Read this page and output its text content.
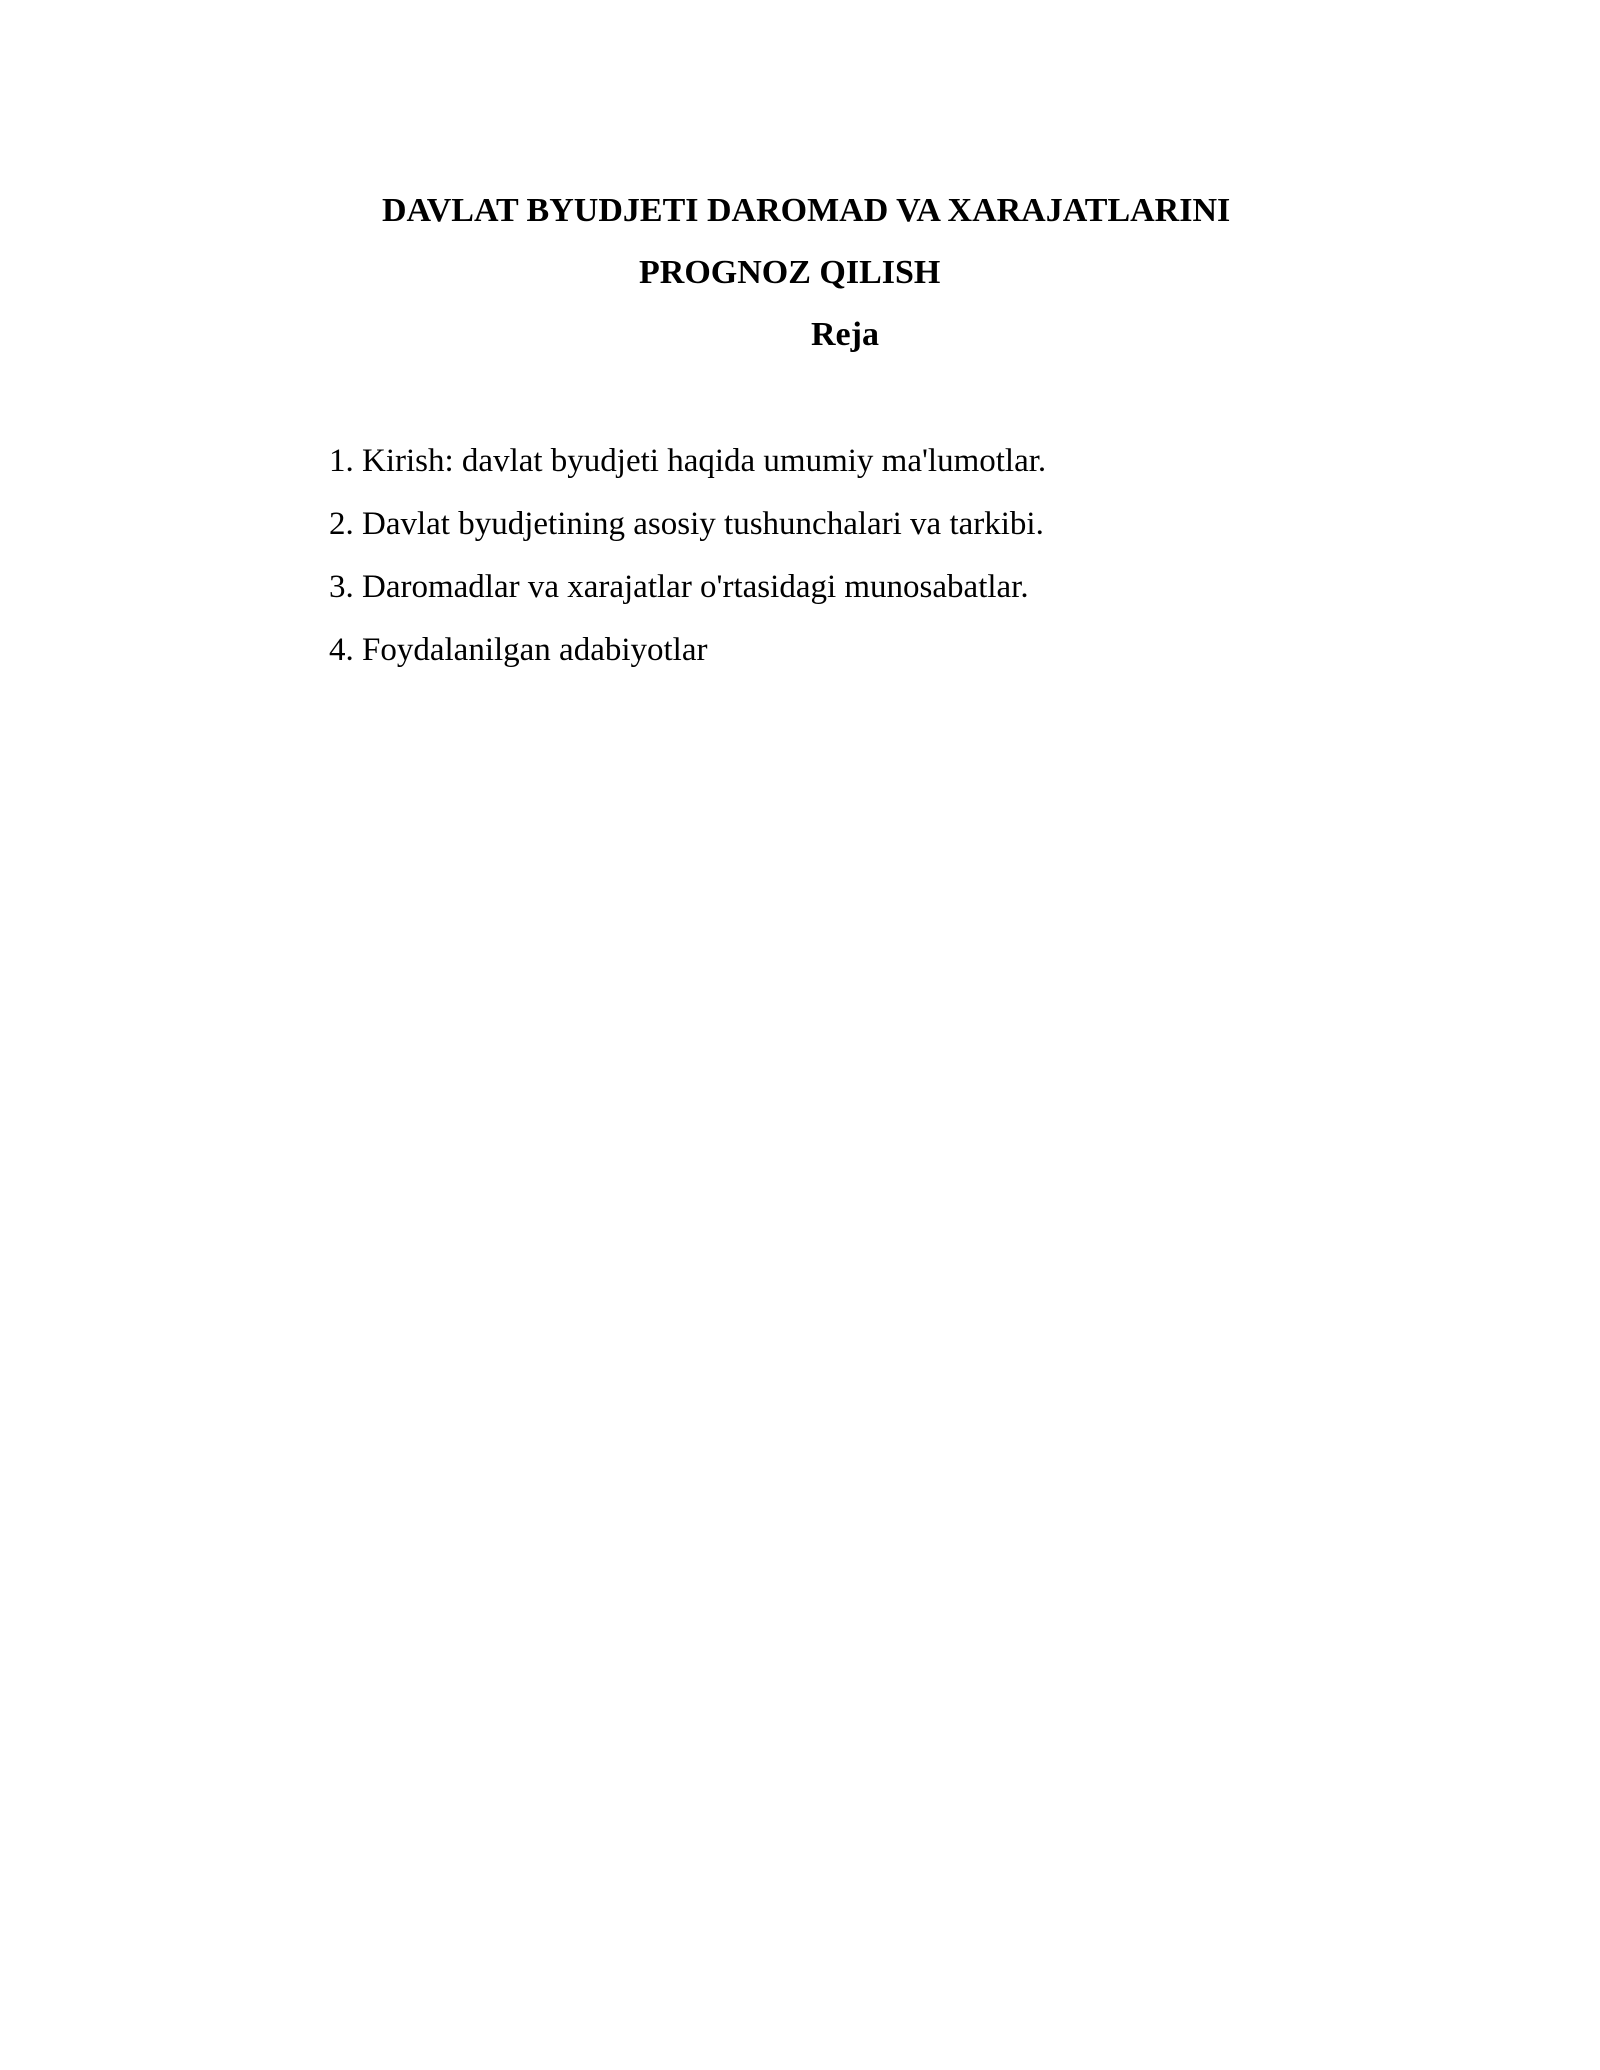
DAVLAT BYUDJETI DAROMAD VA XARAJATLARINI
PROGNOZ QILISH
Reja
1. Kirish: davlat byudjeti haqida umumiy ma'lumotlar.
2. Davlat byudjetining asosiy tushunchalari va tarkibi.
3. Daromadlar va xarajatlar o'rtasidagi munosabatlar.
4. Foydalanilgan adabiyotlar
